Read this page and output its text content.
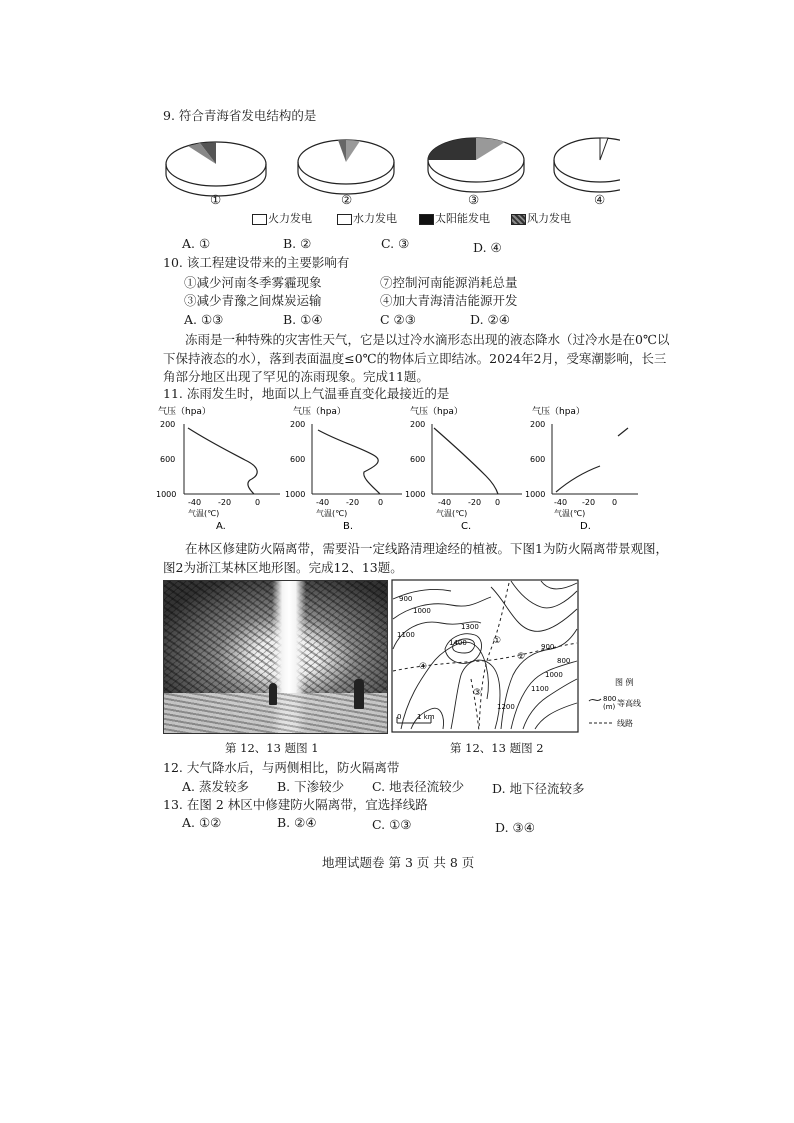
9. 符合青海省发电结构的是
①	②	③	④
火力发电	水力发电	太阳能发电	风力发电
A. ①	B. ②	C. ③	D. ④
10. 该工程建设带来的主要影响有
①减少河南冬季雾霾现象	⑦控制河南能源消耗总量
③减少青豫之间煤炭运输	④加大青海清洁能源开发
A. ①③	B. ①④	C ②③	D. ②④
冻雨是一种特殊的灾害性天气，它是以过冷水滴形态出现的液态降水（过冷水是在0℃以
下保持液态的水），落到表面温度≤0℃的物体后立即结冰。2024年2月，受寒潮影响，长三
角部分地区出现了罕见的冻雨现象。完成11题。
11. 冻雨发生时，地面以上气温垂直变化最接近的是
气压（hpa）
200
600
1000
-40 -20	0
气温(℃)
A.
气压（hpa）
200
600
1000
-40 -20 0
气温(℃)
B.
气压（hpa）
200
600
1000
-40 -20 0
气温(℃)
C.
气压（hpa）
200
600
1000
-40 -20 0
气温(℃)
D.
在林区修建防火隔离带，需要沿一定线路清理途经的植被。下图1为防火隔离带景观图，
图2为浙江某林区地形图。完成12、13题。
900
1000
1100
1300
1400	900
800
1000
1100
1200
①
②
③
④
0 1 km
图 例
800
(m) 等高线
线路
第 12、13 题图 1	第 12、13 题图 2
12. 大气降水后，与两侧相比，防火隔离带
A. 蒸发较多 B. 下渗较少 C. 地表径流较少 D. 地下径流较多
13. 在图 2 林区中修建防火隔离带，宜选择线路
A. ①②	B. ②④	C. ①③	D. ③④
地理试题卷 第 3 页 共 8 页
